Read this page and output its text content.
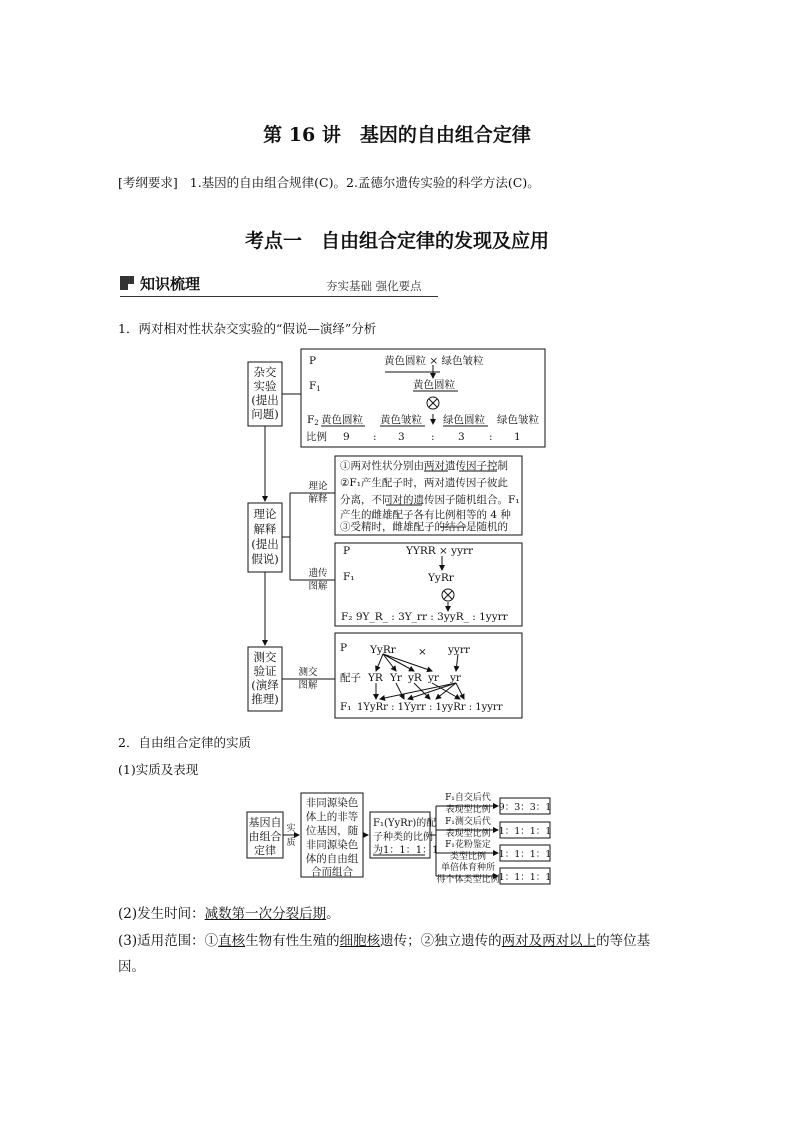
第 16 讲　基因的自由组合定律
[考纲要求] 1.基因的自由组合规律(C)。2.孟德尔遗传实验的科学方法(C)。
考点一　自由组合定律的发现及应用
知识梳理	夯实基础 强化要点
1．两对相对性状杂交实验的“假说—演绎”分析
杂交
实验
(提出
问题)
理论
解释
(提出
假说)
测交
验证
(演绎
推理)
P	黄色圆粒 × 绿色皱粒
F1	黄色圆粒
F2 黄色圆粒 黄色皱粒 绿色圆粒 绿色皱粒
比例 9 : 3	: 3 : 1
理论
解释
遗传
图解
测交
图解
①两对性状分别由两对遗传因子控制
②F₁产生配子时，两对遗传因子彼此
分离，不同对的遗传因子随机组合。F₁
产生的雌雄配子各有比例相等的 4 种
③受精时，雌雄配子的结合是随机的
P	YYRR × yyrr
F₁	YyRr
F₂ 9Y_R_ : 3Y_rr : 3yyR_ : 1yyrr
P YyRr × yyrr
配子 YR Yr yR yr yr
F₁ 1YyRr : 1Yyrr : 1yyRr : 1yyrr
基因自
由组合
定律
实
质
非同源染色
体上的非等
位基因，随
非同源染色
体的自由组
合而组合
F₁(YyRr)的配
子种类的比例
为1：1：1：1
F₁自交后代
表现型比例
F₁测交后代
表现型比例
F₁花粉鉴定
类型比例
单倍体育种所
得个体类型比例
9：3：3：1
1：1：1：1
1：1：1：1
1：1：1：1
2．自由组合定律的实质
(1)实质及表现
(2)发生时间：减数第一次分裂后期。
(3)适用范围：①直核生物有性生殖的细胞核遗传；②独立遗传的两对及两对以上的等位基
因。
